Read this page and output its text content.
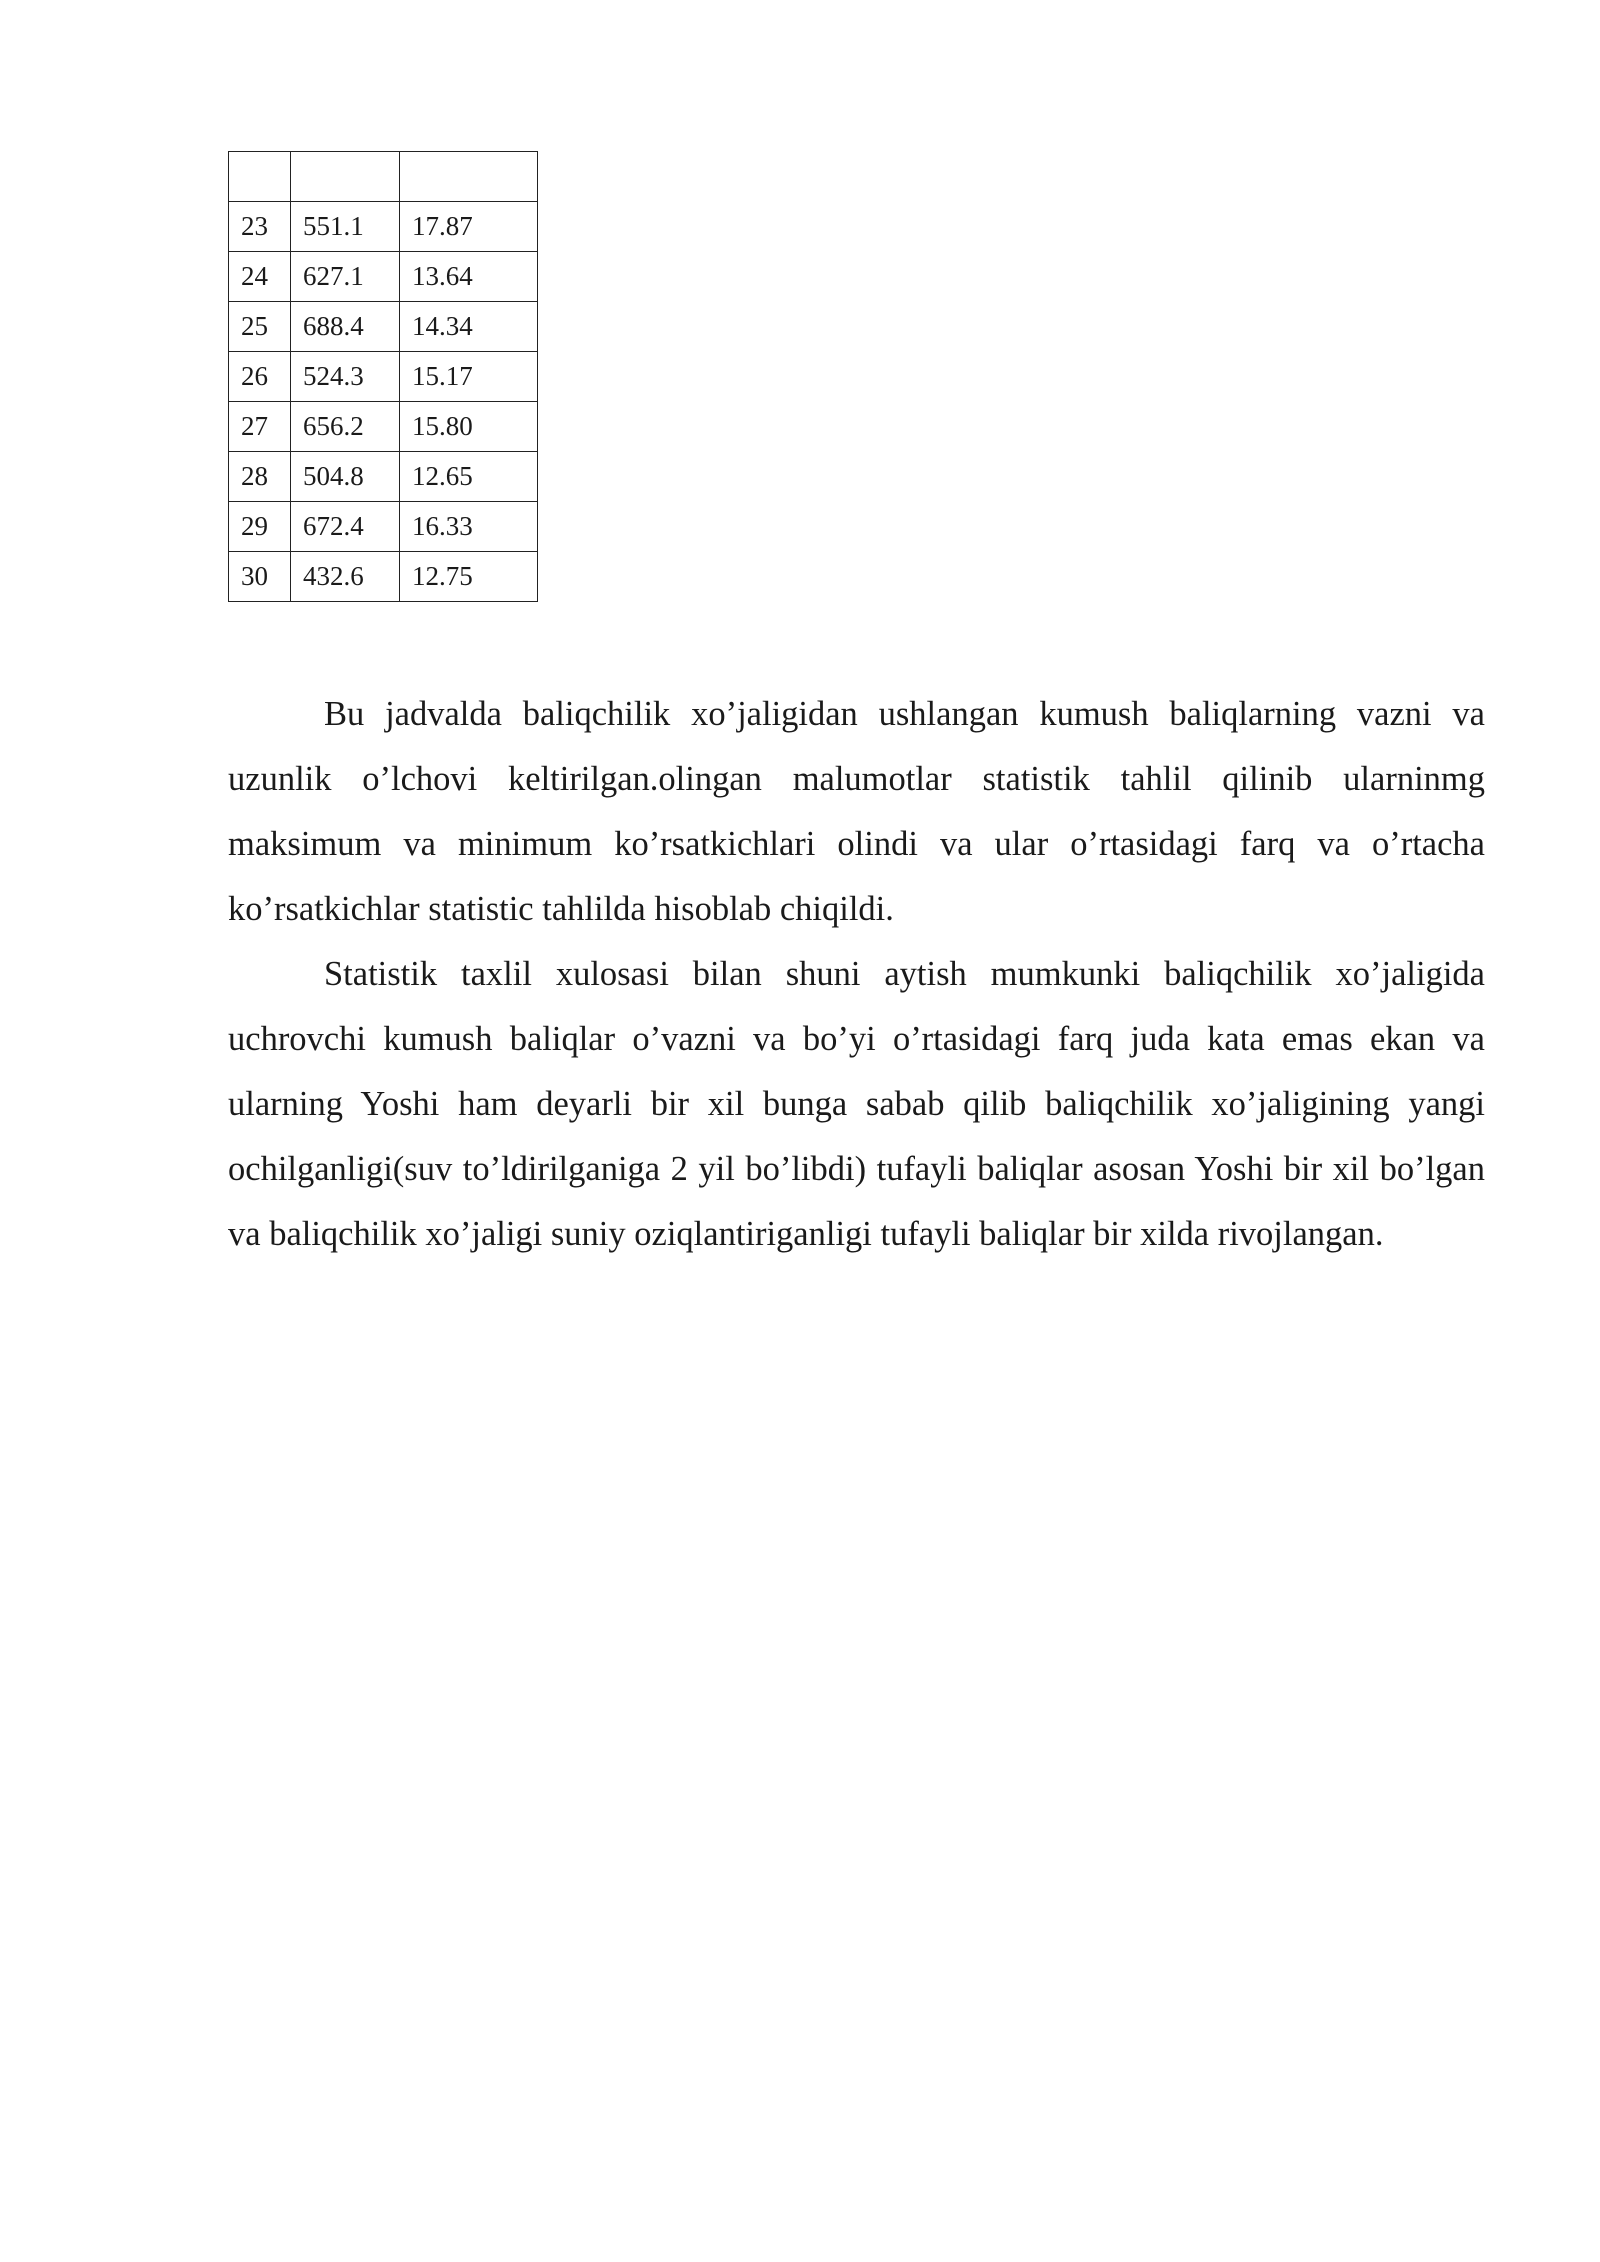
23	551.1	17.87
24	627.1	13.64
25	688.4	14.34
26	524.3	15.17
27	656.2	15.80
28	504.8	12.65
29	672.4	16.33
30	432.6	12.75

Bu jadvalda baliqchilik xo’jaligidan ushlangan kumush baliqlarning vazni va uzunlik o’lchovi keltirilgan.olingan malumotlar statistik tahlil qilinib ularninmg maksimum va minimum ko’rsatkichlari olindi va ular o’rtasidagi farq va o’rtacha ko’rsatkichlar statistic tahlilda hisoblab chiqildi.

Statistik taxlil xulosasi bilan shuni aytish mumkunki baliqchilik xo’jaligida uchrovchi kumush baliqlar o’vazni va bo’yi o’rtasidagi farq juda kata emas ekan va ularning Yoshi ham deyarli bir xil bunga sabab qilib baliqchilik xo’jaligining yangi ochilganligi(suv to’ldirilganiga 2 yil bo’libdi) tufayli baliqlar asosan Yoshi bir xil bo’lgan va baliqchilik xo’jaligi suniy oziqlantiriganligi tufayli baliqlar bir xilda rivojlangan.
